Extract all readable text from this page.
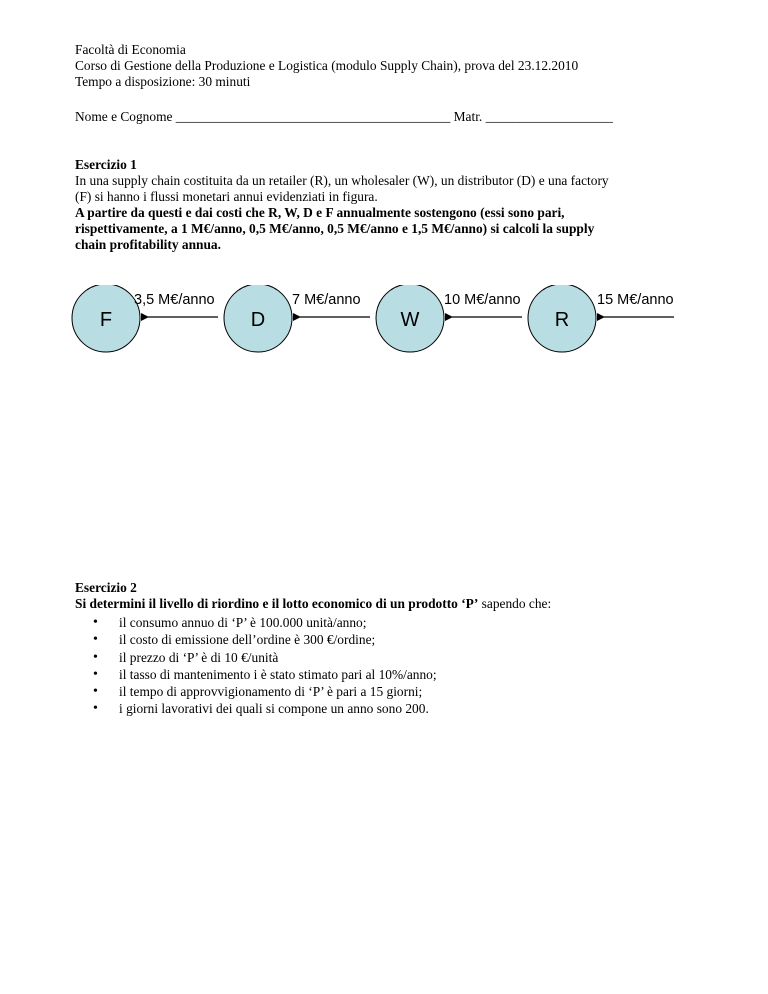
Facoltà di Economia
Corso di Gestione della Produzione e Logistica (modulo Supply Chain), prova del 23.12.2010
Tempo a disposizione: 30 minuti
Nome e Cognome _________________________________________ Matr. ___________________
Esercizio 1
In una supply chain costituita da un retailer (R), un wholesaler (W), un distributor (D) e una factory
(F) si hanno i flussi monetari annui evidenziati in figura.
A partire da questi e dai costi che R, W, D e F annualmente sostengono (essi sono pari,
rispettivamente, a 1 M€/anno, 0,5 M€/anno, 0,5 M€/anno e 1,5 M€/anno) si calcoli la supply
chain profitability annua.
F	D	W	R
3,5 M€/anno	7 M€/anno	10 M€/anno	15 M€/anno
Esercizio 2
Si determini il livello di riordino e il lotto economico di un prodotto ‘P’ sapendo che:
• il consumo annuo di ‘P’ è 100.000 unità/anno;
• il costo di emissione dell’ordine è 300 €/ordine;
• il prezzo di ‘P’ è di 10 €/unità
• il tasso di mantenimento i è stato stimato pari al 10%/anno;
• il tempo di approvvigionamento di ‘P’ è pari a 15 giorni;
• i giorni lavorativi dei quali si compone un anno sono 200.
